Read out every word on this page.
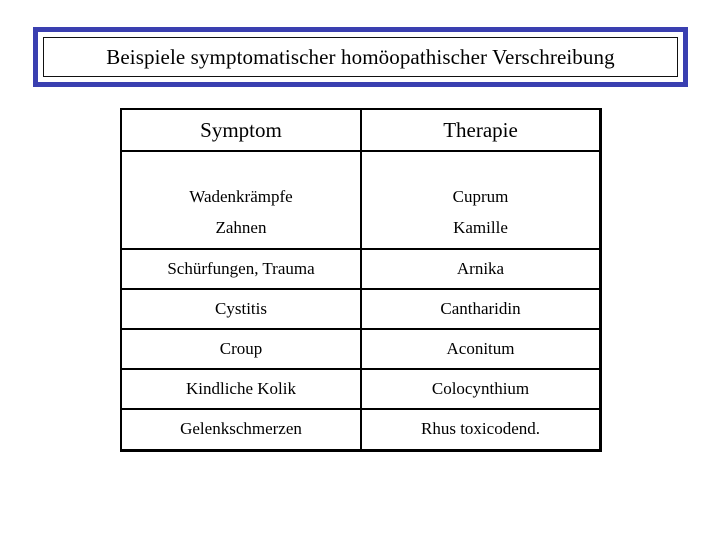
Beispiele symptomatischer homöopathischer Verschreibung
Symptom	Therapie
Wadenkrämpfe	Cuprum
Zahnen	Kamille
Schürfungen, Trauma	Arnika
Cystitis	Cantharidin
Croup	Aconitum
Kindliche Kolik	Colocynthium
Gelenkschmerzen	Rhus toxicodend.
